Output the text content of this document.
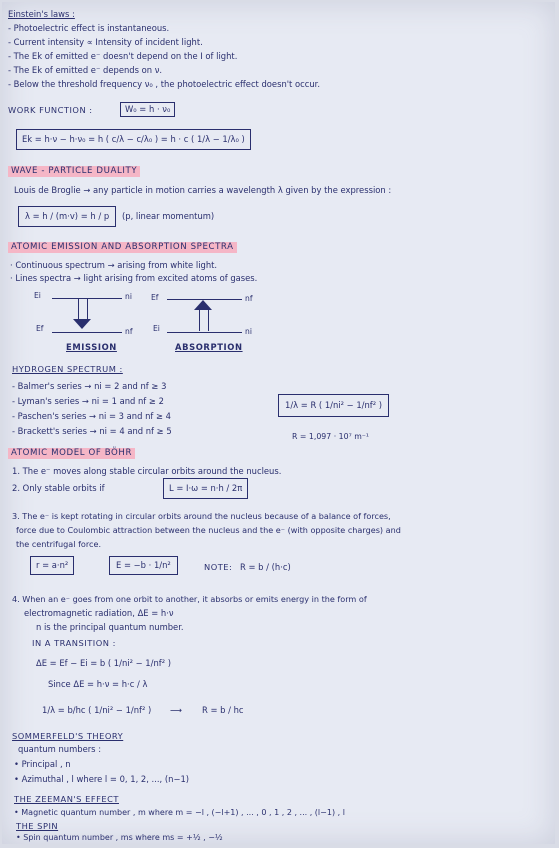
Einstein's laws :
- Photoelectric effect is instantaneous.
- Current intensity ∝ Intensity of incident light.
- The Ek of emitted e⁻ doesn't depend on the I of light.
- The Ek of emitted e⁻ depends on ν.
- Below the threshold frequency ν₀ , the photoelectric effect doesn't occur.
WORK FUNCTION :	W₀ = h · ν₀
Ek = h·ν − h·ν₀ = h ( c/λ − c/λ₀ ) = h · c ( 1/λ − 1/λ₀ )
WAVE - PARTICLE DUALITY
Louis de Broglie → any particle in motion carries a wavelength λ given by the expression :
λ = h / (m·v) = h / p	(p, linear momentum)
ATOMIC EMISSION AND ABSORPTION SPECTRA
· Continuous spectrum → arising from white light.
· Lines spectra → light arising from excited atoms of gases.
Ei	ni
Ef	nf
EMISSION
Ef	nf
Ei	ni
ABSORPTION
HYDROGEN SPECTRUM :
- Balmer's series → ni = 2 and nf ≥ 3
- Lyman's series → ni = 1 and nf ≥ 2
- Paschen's series → ni = 3 and nf ≥ 4
- Brackett's series → ni = 4 and nf ≥ 5
1/λ = R ( 1/ni² − 1/nf² )
R = 1,097 · 10⁷ m⁻¹
ATOMIC MODEL OF BÖHR
1. The e⁻ moves along stable circular orbits around the nucleus.
2. Only stable orbits if	L = I·ω = n·h / 2π
3. The e⁻ is kept rotating in circular orbits around the nucleus because of a balance of forces,
force due to Coulombic attraction between the nucleus and the e⁻ (with opposite charges) and
the centrifugal force.
r = a·n²	E = −b · 1/n²	NOTE: R = b / (h·c)
4. When an e⁻ goes from one orbit to another, it absorbs or emits energy in the form of
electromagnetic radiation, ΔE = h·ν
n is the principal quantum number.
IN A TRANSITION :
ΔE = Ef − Ei = b ( 1/ni² − 1/nf² )
Since ΔE = h·ν = h·c / λ
1/λ = b/hc ( 1/ni² − 1/nf² ) ⟶ R = b / hc
SOMMERFELD'S THEORY
quantum numbers :
• Principal , n
• Azimuthal , l where l = 0, 1, 2, ..., (n−1)
THE ZEEMAN'S EFFECT
• Magnetic quantum number , m where m = −l , (−l+1) , ... , 0 , 1 , 2 , ... , (l−1) , l
THE SPIN
• Spin quantum number , ms where ms = +½ , −½
